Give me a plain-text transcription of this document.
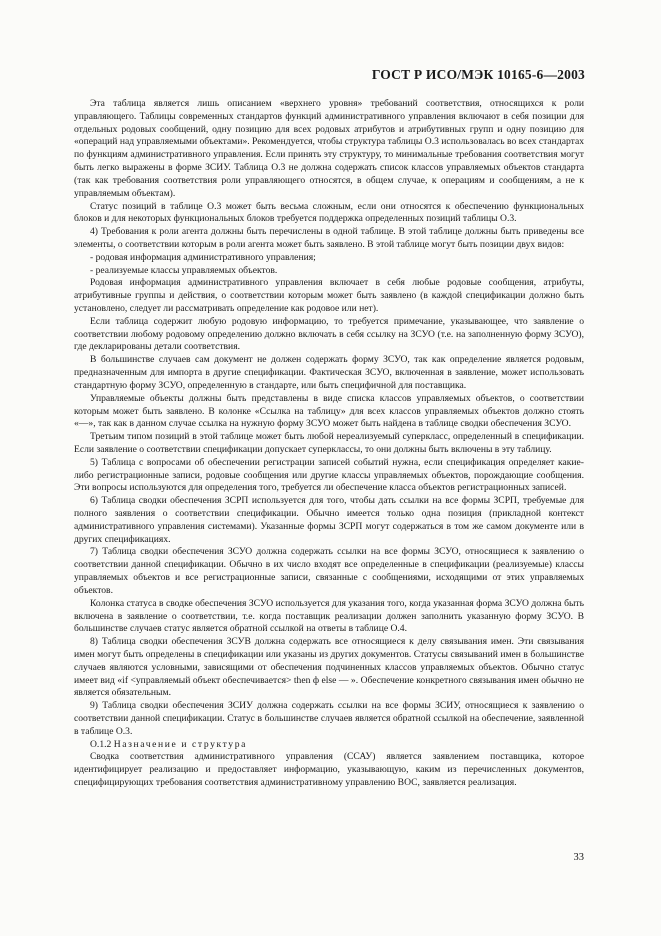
ГОСТ Р ИСО/МЭК 10165-6—2003

Эта таблица является лишь описанием «верхнего уровня» требований соответствия, относящихся к роли управляющего. Таблицы современных стандартов функций административного управления включают в себя позиции для отдельных родовых сообщений, одну позицию для всех родовых атрибутов и атрибутивных групп и одну позицию для «операций над управляемыми объектами». Рекомендуется, чтобы структура таблицы О.3 использовалась во всех стандартах по функциям административного управления. Если принять эту структуру, то минимальные требования соответствия могут быть легко выражены в форме ЗСИУ. Таблица О.3 не должна содержать список классов управляемых объектов стандарта (так как требования соответствия роли управляющего относятся, в общем случае, к операциям и сообщениям, а не к управляемым объектам).

Статус позиций в таблице О.3 может быть весьма сложным, если они относятся к обеспечению функциональных блоков и для некоторых функциональных блоков требуется поддержка определенных позиций таблицы О.3.

4) Требования к роли агента должны быть перечислены в одной таблице. В этой таблице должны быть приведены все элементы, о соответствии которым в роли агента может быть заявлено. В этой таблице могут быть позиции двух видов:

- родовая информация административного управления;

- реализуемые классы управляемых объектов.

Родовая информация административного управления включает в себя любые родовые сообщения, атрибуты, атрибутивные группы и действия, о соответствии которым может быть заявлено (в каждой спецификации должно быть установлено, следует ли рассматривать определение как родовое или нет).

Если таблица содержит любую родовую информацию, то требуется примечание, указывающее, что заявление о соответствии любому родовому определению должно включать в себя ссылку на ЗСУО (т.е. на заполненную форму ЗСУО), где декларированы детали соответствия.

В большинстве случаев сам документ не должен содержать форму ЗСУО, так как определение является родовым, предназначенным для импорта в другие спецификации. Фактическая ЗСУО, включенная в заявление, может использовать стандартную форму ЗСУО, определенную в стандарте, или быть специфичной для поставщика.

Управляемые объекты должны быть представлены в виде списка классов управляемых объектов, о соответствии которым может быть заявлено. В колонке «Ссылка на таблицу» для всех классов управляемых объектов должно стоять «—», так как в данном случае ссылка на нужную форму ЗСУО может быть найдена в таблице сводки обеспечения ЗСУО.

Третьим типом позиций в этой таблице может быть любой нереализуемый суперкласс, определенный в спецификации. Если заявление о соответствии спецификации допускает суперклассы, то они должны быть включены в эту таблицу.

5) Таблица с вопросами об обеспечении регистрации записей событий нужна, если спецификация определяет какие-либо регистрационные записи, родовые сообщения или другие классы управляемых объектов, порождающие сообщения. Эти вопросы используются для определения того, требуется ли обеспечение класса объектов регистрационных записей.

6) Таблица сводки обеспечения ЗСРП используется для того, чтобы дать ссылки на все формы ЗСРП, требуемые для полного заявления о соответствии спецификации. Обычно имеется только одна позиция (прикладной контекст административного управления системами). Указанные формы ЗСРП могут содержаться в том же самом документе или в других спецификациях.

7) Таблица сводки обеспечения ЗСУО должна содержать ссылки на все формы ЗСУО, относящиеся к заявлению о соответствии данной спецификации. Обычно в их число входят все определенные в спецификации (реализуемые) классы управляемых объектов и все регистрационные записи, связанные с сообщениями, исходящими от этих управляемых объектов.

Колонка статуса в сводке обеспечения ЗСУО используется для указания того, когда указанная форма ЗСУО должна быть включена в заявление о соответствии, т.е. когда поставщик реализации должен заполнить указанную форму ЗСУО. В большинстве случаев статус является обратной ссылкой на ответы в таблице О.4.

8) Таблица сводки обеспечения ЗСУВ должна содержать все относящиеся к делу связывания имен. Эти связывания имен могут быть определены в спецификации или указаны из других документов. Статусы связываний имен в большинстве случаев являются условными, зависящими от обеспечения подчиненных классов управляемых объектов. Обычно статус имеет вид «if <управляемый объект обеспечивается> then ф else — ». Обеспечение конкретного связывания имен обычно не является обязательным.

9) Таблица сводки обеспечения ЗСИУ должна содержать ссылки на все формы ЗСИУ, относящиеся к заявлению о соответствии данной спецификации. Статус в большинстве случаев является обратной ссылкой на обеспечение, заявленной в таблице О.3.

О.1.2 Назначение и структура

Сводка соответствия административного управления (ССАУ) является заявлением поставщика, которое идентифицирует реализацию и предоставляет информацию, указывающую, каким из перечисленных документов, специфицирующих требования соответствия административному управлению ВОС, заявляется реализация.

33
